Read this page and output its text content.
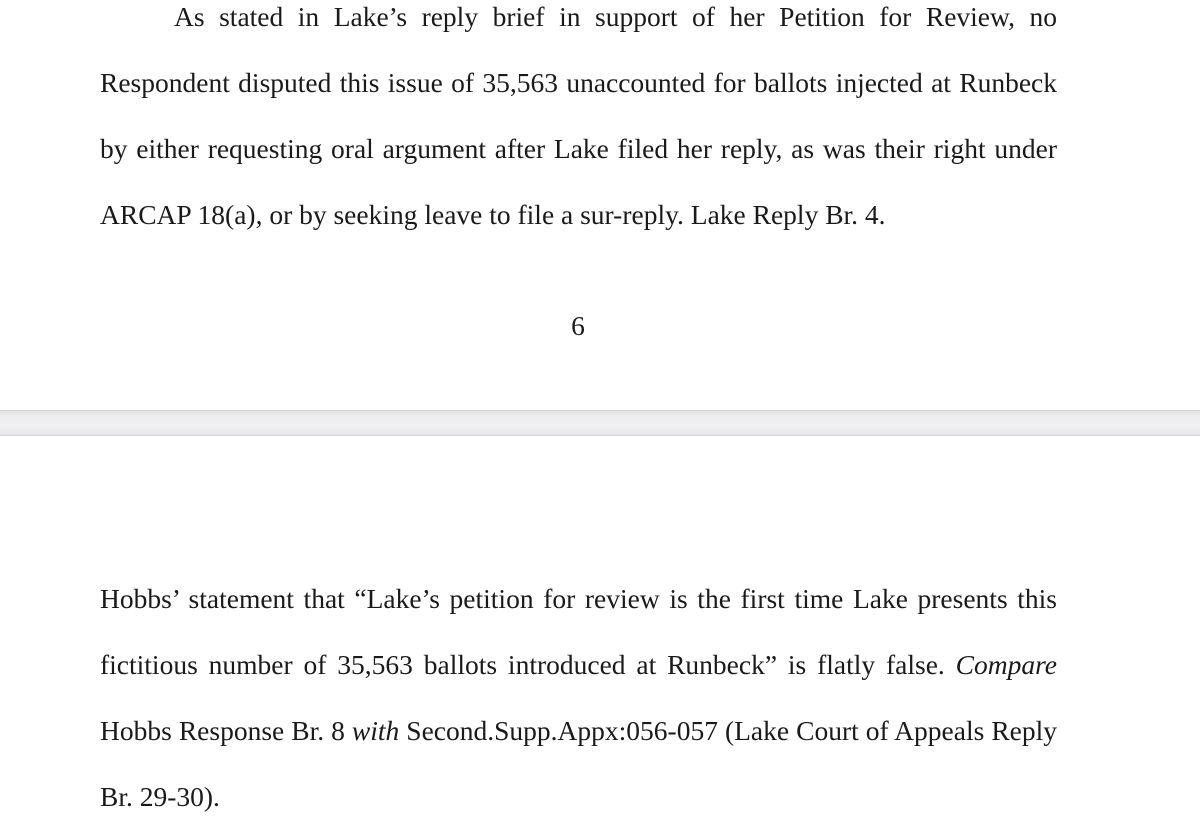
As stated in Lake’s reply brief in support of her Petition for Review, no Respondent disputed this issue of 35,563 unaccounted for ballots injected at Runbeck by either requesting oral argument after Lake filed her reply, as was their right under ARCAP 18(a), or by seeking leave to file a sur-reply. Lake Reply Br. 4.

6

Hobbs’ statement that “Lake’s petition for review is the first time Lake presents this fictitious number of 35,563 ballots introduced at Runbeck” is flatly false. Compare Hobbs Response Br. 8 with Second.Supp.Appx:056-057 (Lake Court of Appeals Reply Br. 29-30).
